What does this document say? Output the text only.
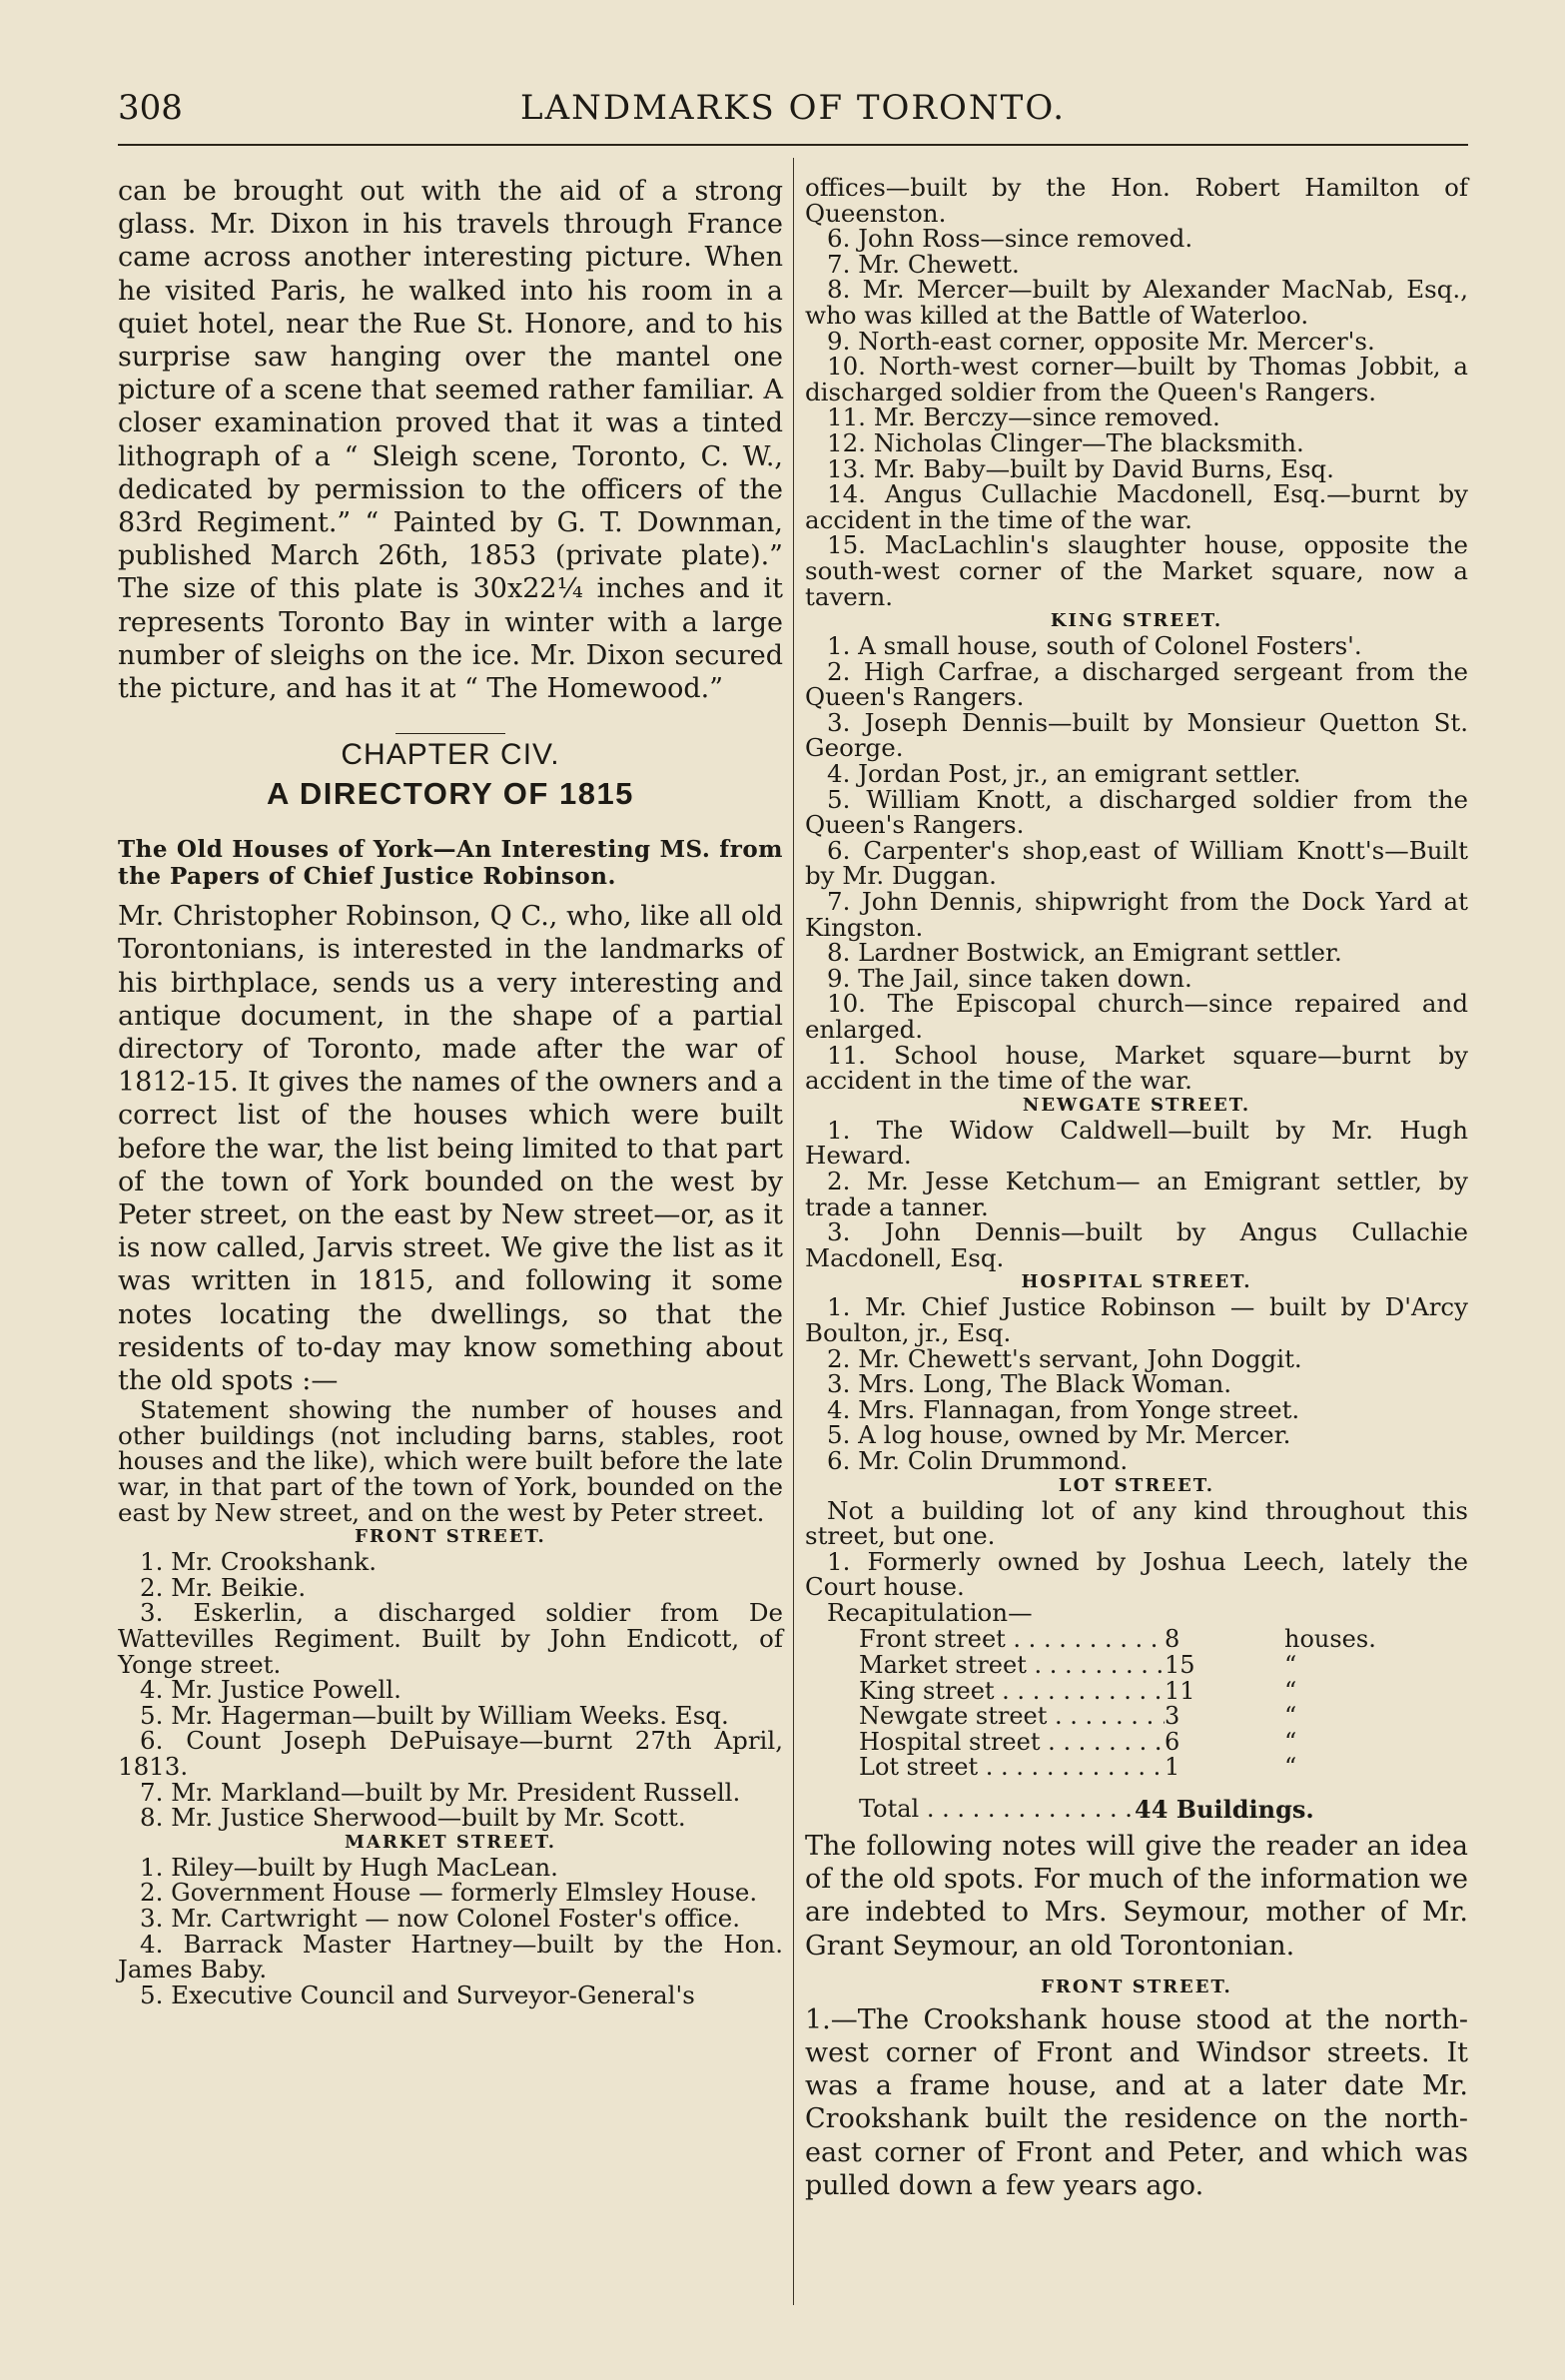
308	LANDMARKS OF TORONTO.

can be brought out with the aid of a strong glass. Mr. Dixon in his travels through France came across another interesting picture. When he visited Paris, he walked into his room in a quiet hotel, near the Rue St. Honore, and to his surprise saw hanging over the mantel one picture of a scene that seemed rather familiar. A closer examination proved that it was a tinted lithograph of a “ Sleigh scene, Toronto, C. W., dedicated by permission to the officers of the 83rd Regiment.” “ Painted by G. T. Downman, published March 26th, 1853 (private plate).” The size of this plate is 30x22¼ inches and it represents Toronto Bay in winter with a large number of sleighs on the ice. Mr. Dixon secured the picture, and has it at “ The Homewood.”

CHAPTER CIV.
A DIRECTORY OF 1815
The Old Houses of York—An Interesting MS. from the Papers of Chief Justice Robinson.

Mr. Christopher Robinson, Q C., who, like all old Torontonians, is interested in the landmarks of his birthplace, sends us a very interesting and antique document, in the shape of a partial directory of Toronto, made after the war of 1812-15. It gives the names of the owners and a correct list of the houses which were built before the war, the list being limited to that part of the town of York bounded on the west by Peter street, on the east by New street—or, as it is now called, Jarvis street. We give the list as it was written in 1815, and following it some notes locating the dwellings, so that the residents of to-day may know something about the old spots :—

Statement showing the number of houses and other buildings (not including barns, stables, root houses and the like), which were built before the late war, in that part of the town of York, bounded on the east by New street, and on the west by Peter street.

FRONT STREET.

1. Mr. Crookshank.

2. Mr. Beikie.

3. Eskerlin, a discharged soldier from De Wattevilles Regiment. Built by John Endicott, of Yonge street.

4. Mr. Justice Powell.

5. Mr. Hagerman—built by William Weeks. Esq.

6. Count Joseph DePuisaye—burnt 27th April, 1813.

7. Mr. Markland—built by Mr. President Russell.

8. Mr. Justice Sherwood—built by Mr. Scott.

MARKET STREET.

1. Riley—built by Hugh MacLean.

2. Government House — formerly Elmsley House.

3. Mr. Cartwright — now Colonel Foster's office.

4. Barrack Master Hartney—built by the Hon. James Baby.

5. Executive Council and Surveyor-General's

offices—built by the Hon. Robert Hamilton of Queenston.

6. John Ross—since removed.

7. Mr. Chewett.

8. Mr. Mercer—built by Alexander MacNab, Esq., who was killed at the Battle of Waterloo.

9. North-east corner, opposite Mr. Mercer's.

10. North-west corner—built by Thomas Jobbit, a discharged soldier from the Queen's Rangers.

11. Mr. Berczy—since removed.

12. Nicholas Clinger—The blacksmith.

13. Mr. Baby—built by David Burns, Esq.

14. Angus Cullachie Macdonell, Esq.—burnt by accident in the time of the war.

15. MacLachlin's slaughter house, opposite the south-west corner of the Market square, now a tavern.

KING STREET.

1. A small house, south of Colonel Fosters'.

2. High Carfrae, a discharged sergeant from the Queen's Rangers.

3. Joseph Dennis—built by Monsieur Quetton St. George.

4. Jordan Post, jr., an emigrant settler.

5. William Knott, a discharged soldier from the Queen's Rangers.

6. Carpenter's shop,east of William Knott's—Built by Mr. Duggan.

7. John Dennis, shipwright from the Dock Yard at Kingston.

8. Lardner Bostwick, an Emigrant settler.

9. The Jail, since taken down.

10. The Episcopal church—since repaired and enlarged.

11. School house, Market square—burnt by accident in the time of the war.

NEWGATE STREET.

1. The Widow Caldwell—built by Mr. Hugh Heward.

2. Mr. Jesse Ketchum— an Emigrant settler, by trade a tanner.

3. John Dennis—built by Angus Cullachie Macdonell, Esq.

HOSPITAL STREET.

1. Mr. Chief Justice Robinson — built by D'Arcy Boulton, jr., Esq.

2. Mr. Chewett's servant, John Doggit.

3. Mrs. Long, The Black Woman.

4. Mrs. Flannagan, from Yonge street.

5. A log house, owned by Mr. Mercer.

6. Mr. Colin Drummond.

LOT STREET.

Not a building lot of any kind throughout this street, but one.

1. Formerly owned by Joshua Leech, lately the Court house.

Recapitulation—

Front street . . .	8	houses.
Market street . . .	15	“
King street . . .	11	“
Newgate street . . .	3	“
Hospital street . . .	6	“
Lot street . . .	1	“
Total . . .	44 Buildings.

The following notes will give the reader an idea of the old spots. For much of the information we are indebted to Mrs. Seymour, mother of Mr. Grant Seymour, an old Torontonian.

FRONT STREET.

1.—The Crookshank house stood at the north-west corner of Front and Windsor streets. It was a frame house, and at a later date Mr. Crookshank built the residence on the north-east corner of Front and Peter, and which was pulled down a few years ago.
